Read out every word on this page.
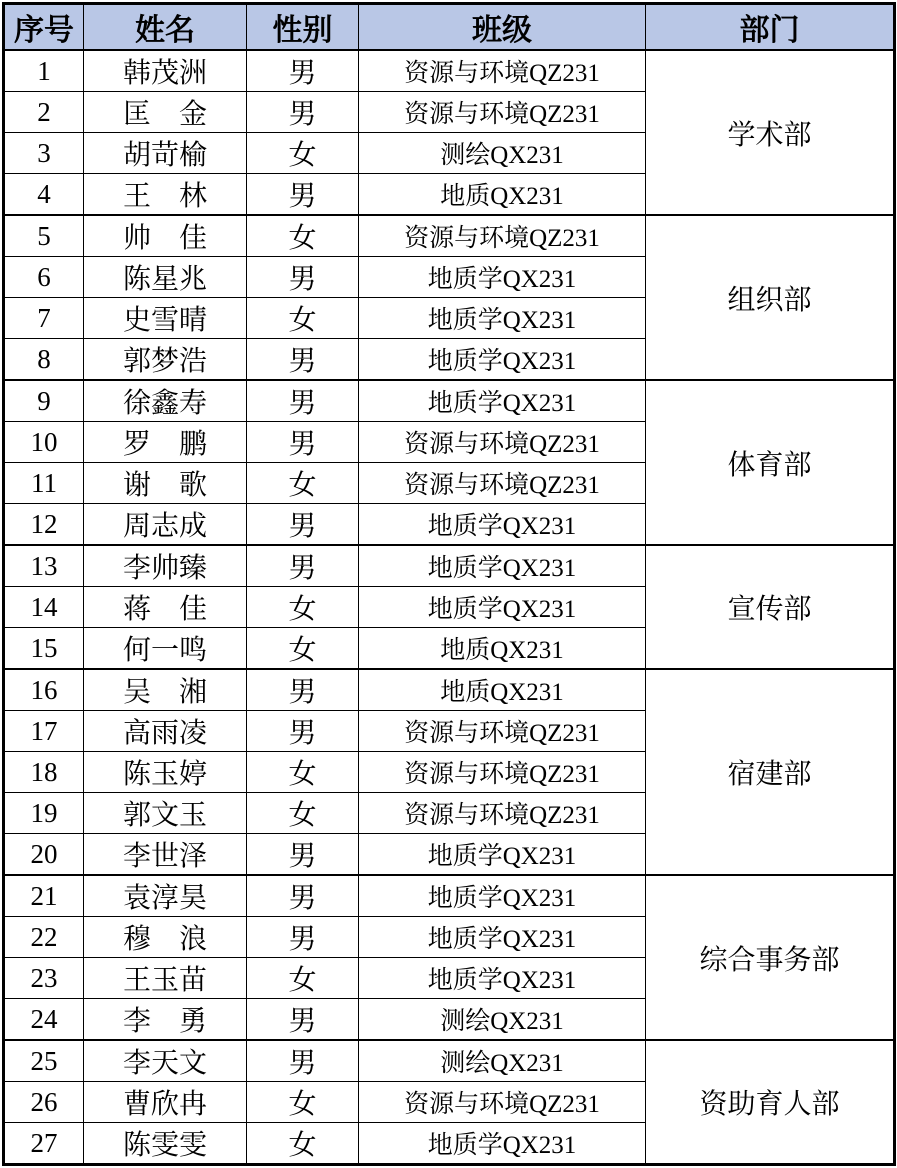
序号	姓名	性别	班级	部门
1	韩茂洲	男	资源与环境QZ231	学术部
2	匡　金	男	资源与环境QZ231	
3	胡苛榆	女	测绘QX231	
4	王　林	男	地质QX231	
5	帅　佳	女	资源与环境QZ231	组织部
6	陈星兆	男	地质学QX231	
7	史雪晴	女	地质学QX231	
8	郭梦浩	男	地质学QX231	
9	徐鑫寿	男	地质学QX231	体育部
10	罗　鹏	男	资源与环境QZ231	
11	谢　歌	女	资源与环境QZ231	
12	周志成	男	地质学QX231	
13	李帅臻	男	地质学QX231	宣传部
14	蒋　佳	女	地质学QX231	
15	何一鸣	女	地质QX231	
16	吴　湘	男	地质QX231	宿建部
17	高雨凌	男	资源与环境QZ231	
18	陈玉婷	女	资源与环境QZ231	
19	郭文玉	女	资源与环境QZ231	
20	李世泽	男	地质学QX231	
21	袁淳昊	男	地质学QX231	综合事务部
22	穆　浪	男	地质学QX231	
23	王玉苗	女	地质学QX231	
24	李　勇	男	测绘QX231	
25	李天文	男	测绘QX231	资助育人部
26	曹欣冉	女	资源与环境QZ231	
27	陈雯雯	女	地质学QX231	
